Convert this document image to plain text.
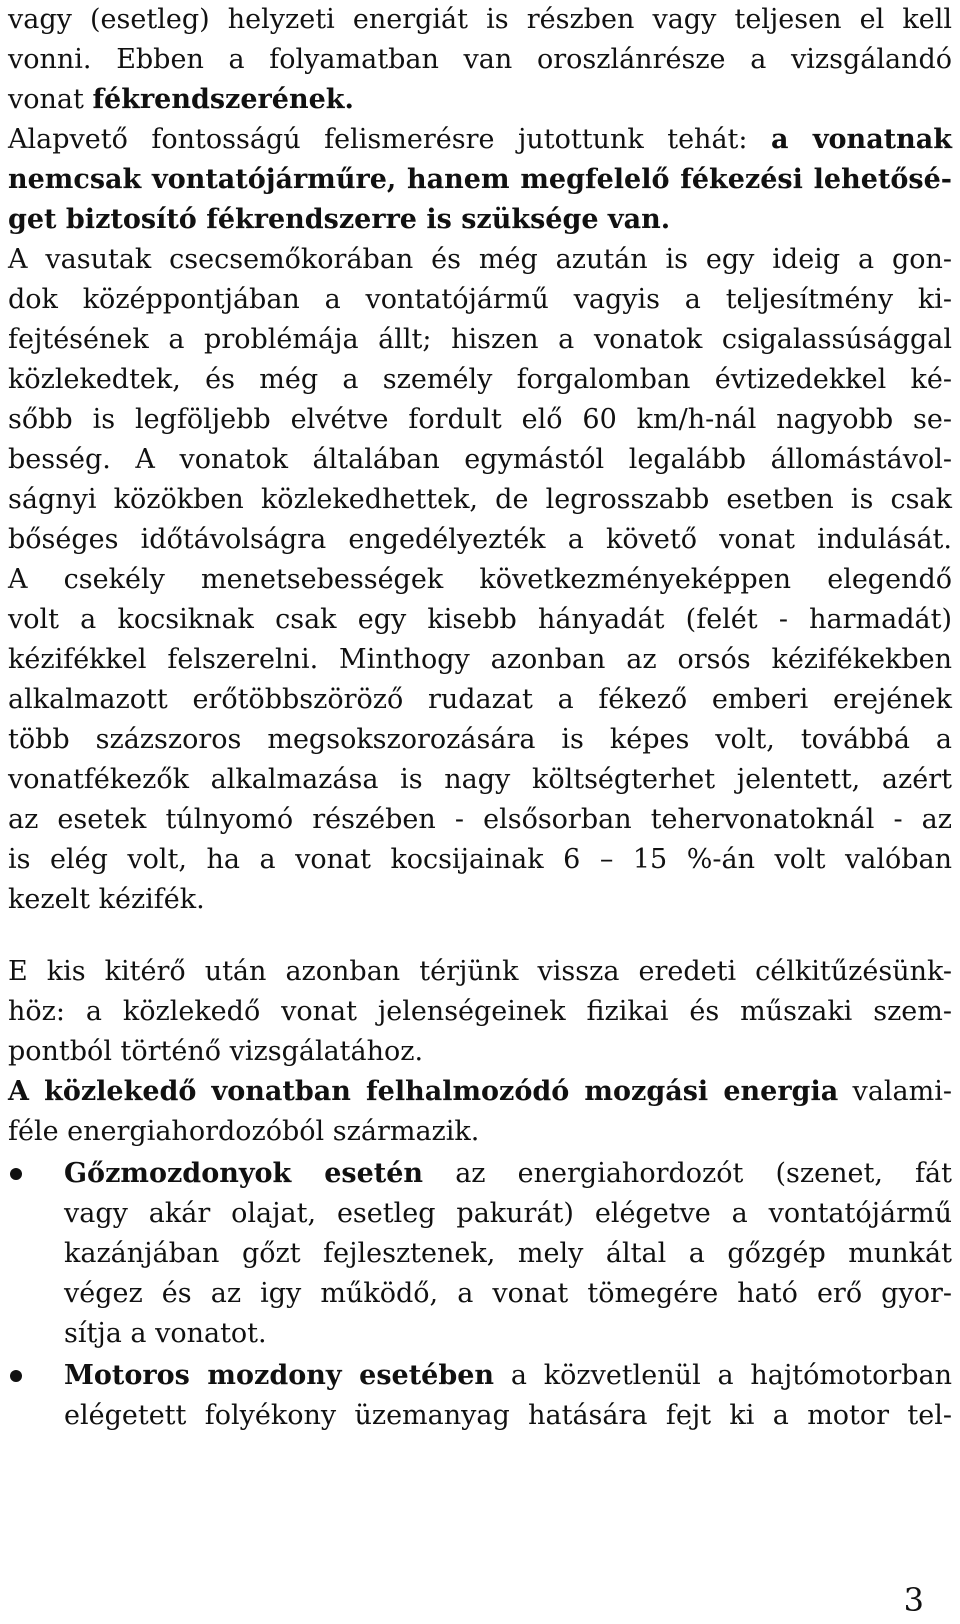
vagy (esetleg) helyzeti energiát is részben vagy teljesen el kell
vonni. Ebben a folyamatban van oroszlánrésze a vizsgálandó
vonat fékrendszerének.
Alapvető fontosságú felismerésre jutottunk tehát: a vonatnak
nemcsak vontatójárműre, hanem megfelelő fékezési lehetősé-
get biztosító fékrendszerre is szüksége van.
A vasutak csecsemőkorában és még azután is egy ideig a gon-
dok középpontjában a vontatójármű vagyis a teljesítmény ki-
fejtésének a problémája állt; hiszen a vonatok csigalassúsággal
közlekedtek, és még a személy forgalomban évtizedekkel ké-
sőbb is legföljebb elvétve fordult elő 60 km/h-nál nagyobb se-
besség. A vonatok általában egymástól legalább állomástávol-
ságnyi közökben közlekedhettek, de legrosszabb esetben is csak
bőséges időtávolságra engedélyezték a követő vonat indulását.
A csekély menetsebességek következményeképpen elegendő
volt a kocsiknak csak egy kisebb hányadát (felét - harmadát)
kézifékkel felszerelni. Minthogy azonban az orsós kézifékekben
alkalmazott erőtöbbszöröző rudazat a fékező emberi erejének
több százszoros megsokszorozására is képes volt, továbbá a
vonatfékezők alkalmazása is nagy költségterhet jelentett, azért
az esetek túlnyomó részében - elsősorban tehervonatoknál - az
is elég volt, ha a vonat kocsijainak 6 – 15 %-án volt valóban
kezelt kézifék.
E kis kitérő után azonban térjünk vissza eredeti célkitűzésünk-
höz: a közlekedő vonat jelenségeinek fizikai és műszaki szem-
pontból történő vizsgálatához.
A közlekedő vonatban felhalmozódó mozgási energia valami-
féle energiahordozóból származik.
Gőzmozdonyok esetén az energiahordozót (szenet, fát
vagy akár olajat, esetleg pakurát) elégetve a vontatójármű
kazánjában gőzt fejlesztenek, mely által a gőzgép munkát
végez és az igy működő, a vonat tömegére ható erő gyor-
sítja a vonatot.
Motoros mozdony esetében a közvetlenül a hajtómotorban
elégetett folyékony üzemanyag hatására fejt ki a motor tel-
3
